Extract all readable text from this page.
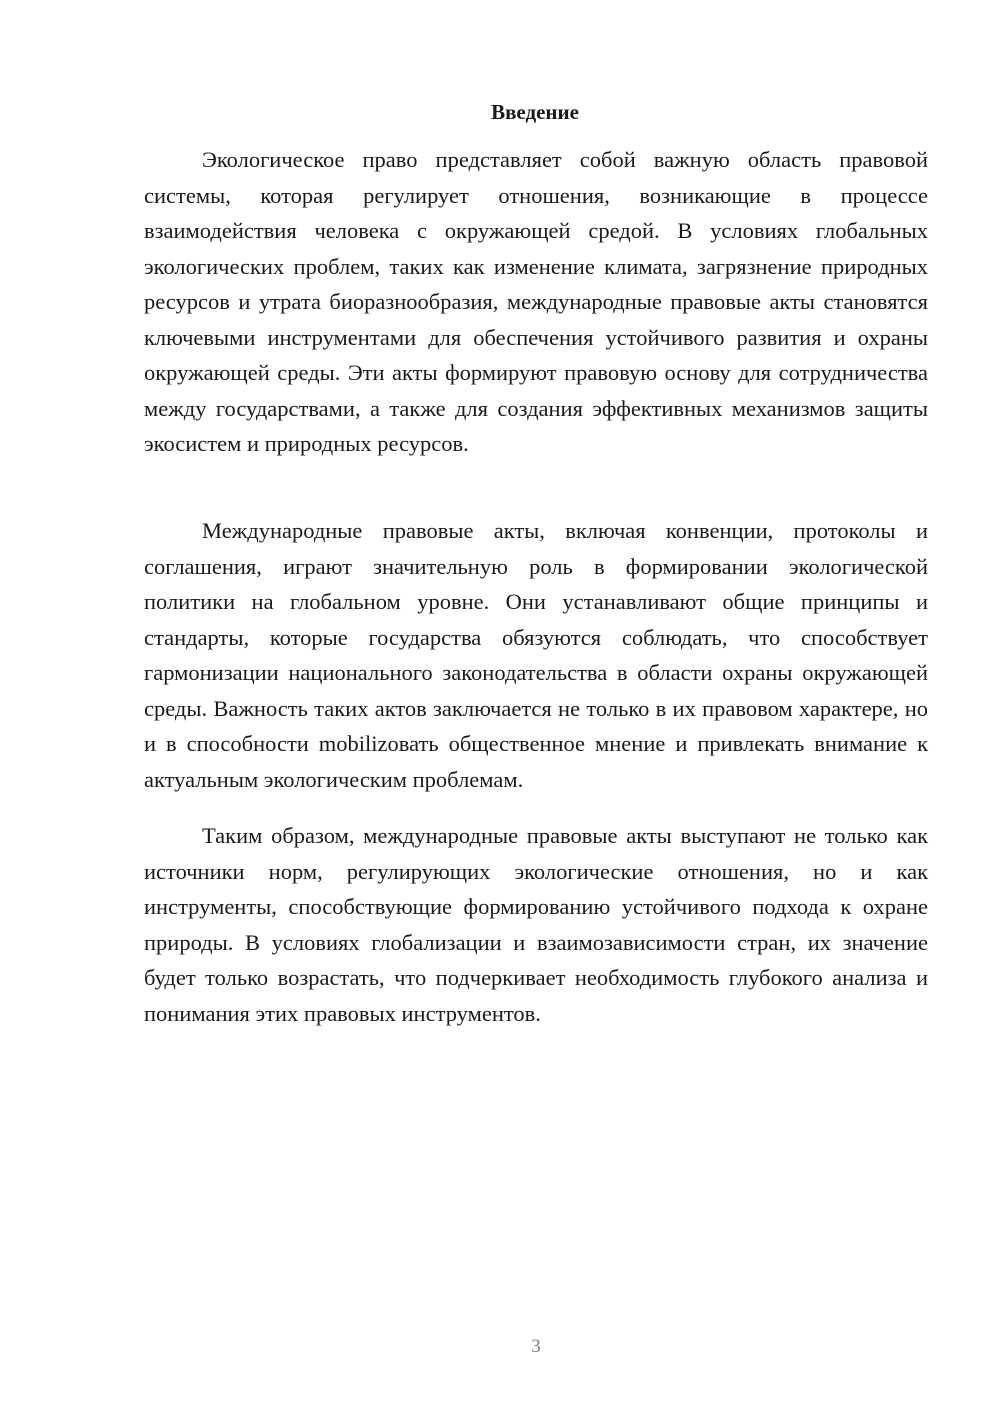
Введение

Экологическое право представляет собой важную область правовой системы, которая регулирует отношения, возникающие в процессе взаимодействия человека с окружающей средой. В условиях глобальных экологических проблем, таких как изменение климата, загрязнение природных ресурсов и утрата биоразнообразия, международные правовые акты становятся ключевыми инструментами для обеспечения устойчивого развития и охраны окружающей среды. Эти акты формируют правовую основу для сотрудничества между государствами, а также для создания эффективных механизмов защиты экосистем и природных ресурсов.

Международные правовые акты, включая конвенции, протоколы и соглашения, играют значительную роль в формировании экологической политики на глобальном уровне. Они устанавливают общие принципы и стандарты, которые государства обязуются соблюдать, что способствует гармонизации национального законодательства в области охраны окружающей среды. Важность таких актов заключается не только в их правовом характере, но и в способности mobilizовать общественное мнение и привлекать внимание к актуальным экологическим проблемам.

Таким образом, международные правовые акты выступают не только как источники норм, регулирующих экологические отношения, но и как инструменты, способствующие формированию устойчивого подхода к охране природы. В условиях глобализации и взаимозависимости стран, их значение будет только возрастать, что подчеркивает необходимость глубокого анализа и понимания этих правовых инструментов.

3
